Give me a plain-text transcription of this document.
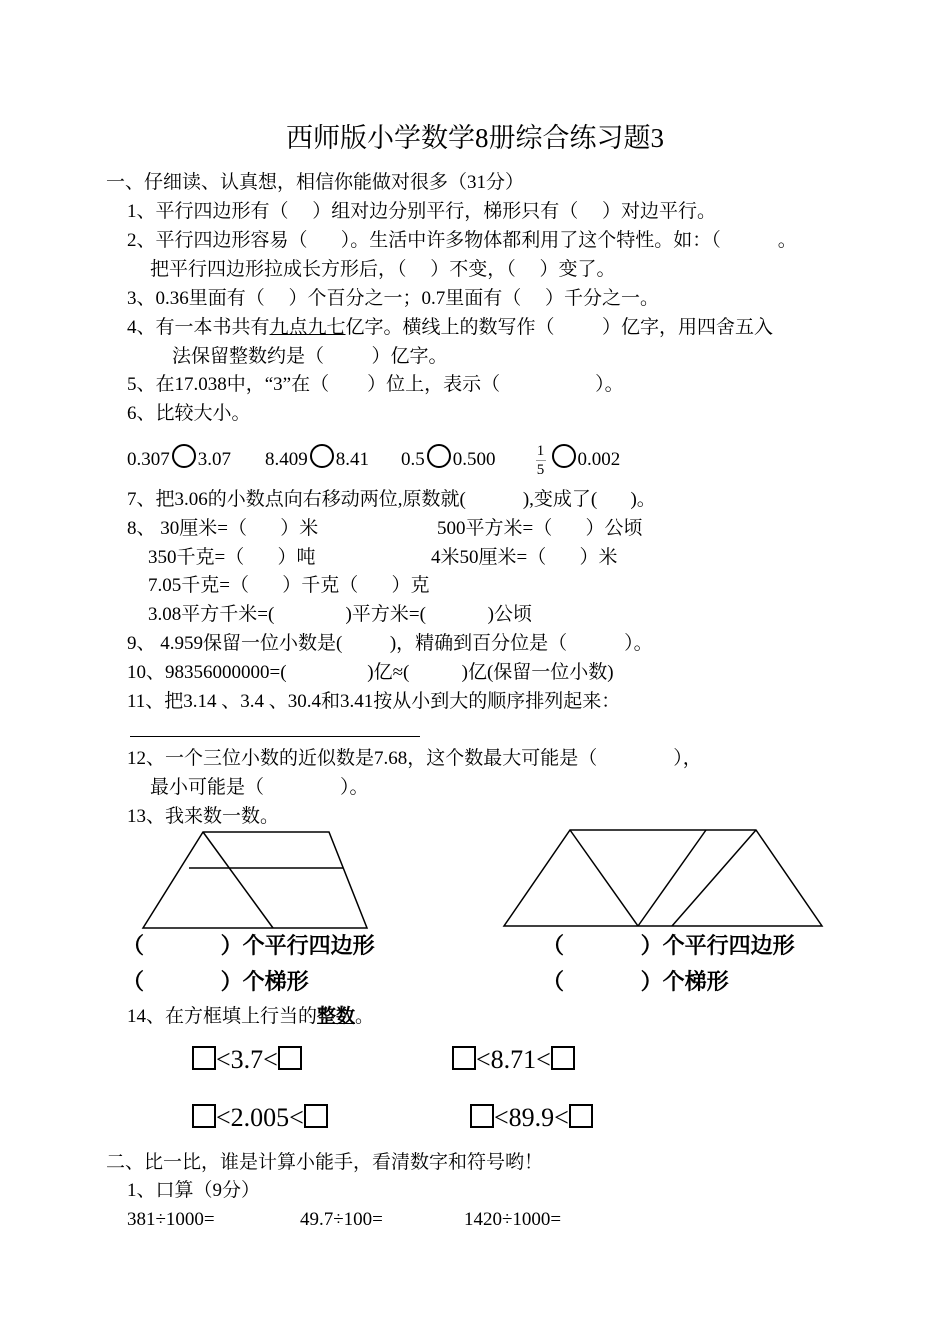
西师版小学数学8册综合练习题3
一、仔细读、认真想，相信你能做对很多（31分）
1、平行四边形有（     ）组对边分别平行，梯形只有（     ）对边平行。
2、平行四边形容易（       ）。生活中许多物体都利用了这个特性。如：（            。
把平行四边形拉成长方形后，（     ）不变，（     ）变了。
3、0.36里面有（     ）个百分之一；0.7里面有（     ）千分之一。
4、有一本书共有九点九七亿字。横线上的数写作（          ）亿字，用四舍五入
法保留整数约是（          ）亿字。
5、在17.038中，“3”在（        ）位上，表示（                    ）。
6、比较大小。
0.307 3.07 8.409 8.41 0.5 0.500	$\frac{1}{5} 0.002$
7、把3.06的小数点向右移动两位,原数就(            ),变成了(       )。
8、 30厘米=（       ）米	500平方米=（       ）公顷
350千克=（       ）吨	4米50厘米=（       ）米
7.05千克=（       ）千克（       ）克
3.08平方千米=(               )平方米=(             )公顷
9、 4.959保留一位小数是(          )，精确到百分位是（            ）。
10、98356000000=(                 )亿≈(           )亿(保留一位小数)
11、把3.14 、3.4 、30.4和3.41按从小到大的顺序排列起来：
12、一个三位小数的近似数是7.68，这个数最大可能是（                ），
最小可能是（                ）。
13、我来数一数。
（          ）个平行四边形
（          ）个梯形
（          ）个平行四边形
（          ）个梯形
14、在方框填上行当的整数。
<3.7<	<8.71<
<2.005<	<89.9<
二、比一比，谁是计算小能手，看清数字和符号哟！
1、口算（9分）
381÷1000=	49.7÷100=	1420÷1000=
